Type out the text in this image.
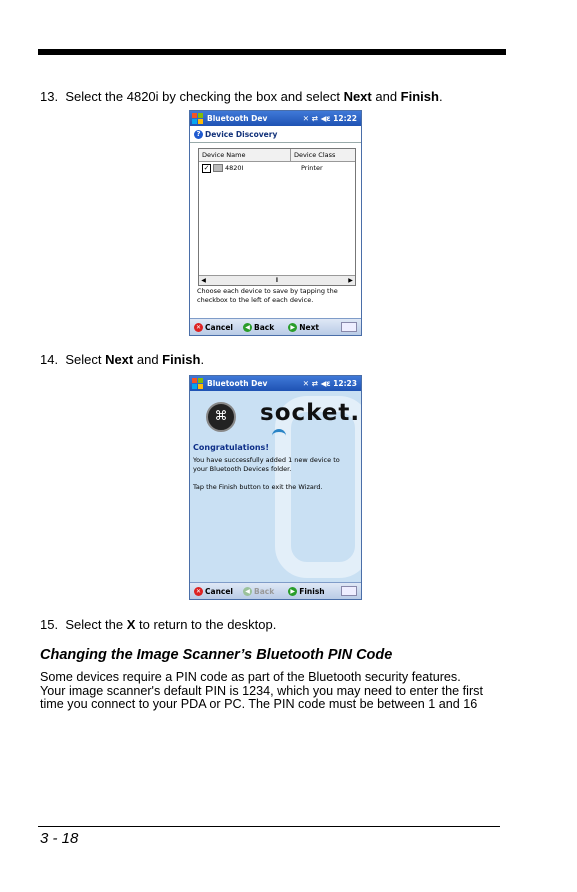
13. Select the 4820i by checking the box and select Next and Finish.
Bluetooth Dev	✕ ⇄ ◀ε 12:22
? Device Discovery
Device Name	Device Class
✓ 4820I	Printer
◀	⦀	▶
Choose each device to save by tapping the
checkbox to the left of each device.
✕ Cancel	◀ Back	▶ Next
14. Select Next and Finish.
Bluetooth Dev	✕ ⇄ ◀ε 12:23
⌘	socket.
Congratulations!
You have successfully added 1 new device to
your Bluetooth Devices folder.
Tap the Finish button to exit the Wizard.
✕ Cancel	◀ Back	▶ Finish
15. Select the X to return to the desktop.
Changing the Image Scanner’s Bluetooth PIN Code
Some devices require a PIN code as part of the Bluetooth security features.
Your image scanner's default PIN is 1234, which you may need to enter the first
time you connect to your PDA or PC. The PIN code must be between 1 and 16
3 - 18
